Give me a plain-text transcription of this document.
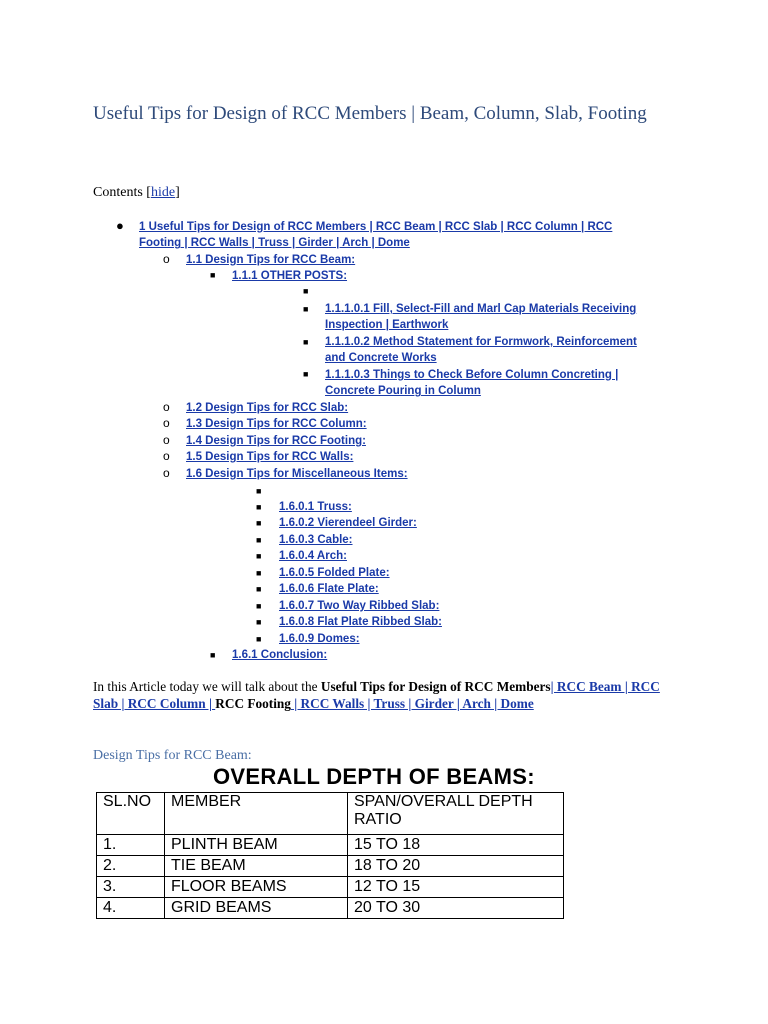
Useful Tips for Design of RCC Members | Beam, Column, Slab, Footing
Contents [hide]
● 1 Useful Tips for Design of RCC Members | RCC Beam | RCC Slab | RCC Column | RCC
Footing | RCC Walls | Truss | Girder | Arch | Dome
o 1.1 Design Tips for RCC Beam:
■ 1.1.1 OTHER POSTS:
■
■ 1.1.1.0.1 Fill, Select-Fill and Marl Cap Materials Receiving
Inspection | Earthwork
■ 1.1.1.0.2 Method Statement for Formwork, Reinforcement
and Concrete Works
■ 1.1.1.0.3 Things to Check Before Column Concreting |
Concrete Pouring in Column
o 1.2 Design Tips for RCC Slab:
o 1.3 Design Tips for RCC Column:
o 1.4 Design Tips for RCC Footing:
o 1.5 Design Tips for RCC Walls:
o 1.6 Design Tips for Miscellaneous Items:
■
■ 1.6.0.1 Truss:
■ 1.6.0.2 Vierendeel Girder:
■ 1.6.0.3 Cable:
■ 1.6.0.4 Arch:
■ 1.6.0.5 Folded Plate:
■ 1.6.0.6 Flate Plate:
■ 1.6.0.7 Two Way Ribbed Slab:
■ 1.6.0.8 Flat Plate Ribbed Slab:
■ 1.6.0.9 Domes:
■ 1.6.1 Conclusion:
In this Article today we will talk about the Useful Tips for Design of RCC Members| RCC Beam | RCC Slab | RCC Column | RCC Footing | RCC Walls | Truss | Girder | Arch | Dome
Design Tips for RCC Beam:
OVERALL DEPTH OF BEAMS:
SL.NO	MEMBER	SPAN/OVERALL DEPTH RATIO
1.	PLINTH BEAM	15 TO 18
2.	TIE BEAM	18 TO 20
3.	FLOOR BEAMS	12 TO 15
4.	GRID BEAMS	20 TO 30
